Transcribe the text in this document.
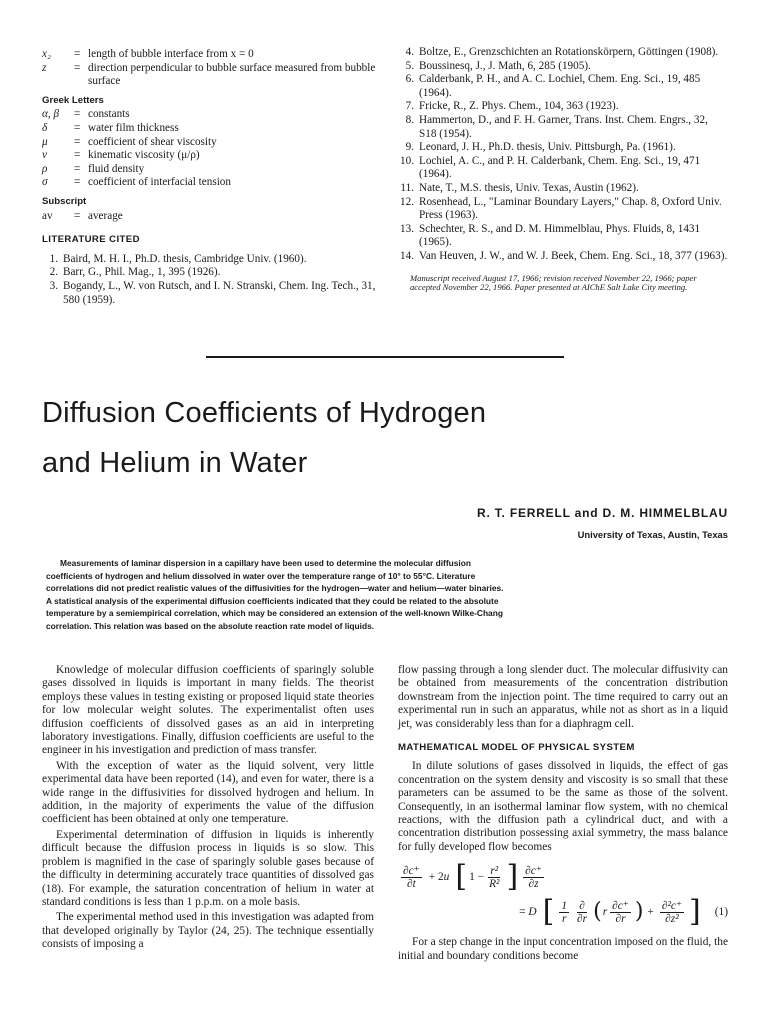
x₂	= length of bubble interface from x = 0
z	= direction perpendicular to bubble surface measured from bubble surface
Greek Letters
α, β	= constants
δ	= water film thickness
μ	= coefficient of shear viscosity
ν	= kinematic viscosity (μ/ρ)
ρ	= fluid density
σ	= coefficient of interfacial tension
Subscript
av	= average
LITERATURE CITED
1. Baird, M. H. I., Ph.D. thesis, Cambridge Univ. (1960).
2. Barr, G., Phil. Mag., 1, 395 (1926).
3. Bogandy, L., W. von Rutsch, and I. N. Stranski, Chem. Ing. Tech., 31, 580 (1959).
4. Boltze, E., Grenzschichten an Rotationskörpern, Göttingen (1908).
5. Boussinesq, J., J. Math, 6, 285 (1905).
6. Calderbank, P. H., and A. C. Lochiel, Chem. Eng. Sci., 19, 485 (1964).
7. Fricke, R., Z. Phys. Chem., 104, 363 (1923).
8. Hammerton, D., and F. H. Garner, Trans. Inst. Chem. Engrs., 32, S18 (1954).
9. Leonard, J. H., Ph.D. thesis, Univ. Pittsburgh, Pa. (1961).
10. Lochiel, A. C., and P. H. Calderbank, Chem. Eng. Sci., 19, 471 (1964).
11. Nate, T., M.S. thesis, Univ. Texas, Austin (1962).
12. Rosenhead, L., "Laminar Boundary Layers," Chap. 8, Oxford Univ. Press (1963).
13. Schechter, R. S., and D. M. Himmelblau, Phys. Fluids, 8, 1431 (1965).
14. Van Heuven, J. W., and W. J. Beek, Chem. Eng. Sci., 18, 377 (1963).
Manuscript received August 17, 1966; revision received November 22, 1966; paper accepted November 22, 1966. Paper presented at AIChE Salt Lake City meeting.
Diffusion Coefficients of Hydrogen
and Helium in Water
R. T. FERRELL and D. M. HIMMELBLAU
University of Texas, Austin, Texas
Measurements of laminar dispersion in a capillary have been used to determine the molecular diffusion coefficients of hydrogen and helium dissolved in water over the temperature range of 10° to 55°C. Literature correlations did not predict realistic values of the diffusivities for the hydrogen—water and helium—water binaries. A statistical analysis of the experimental diffusion coefficients indicated that they could be related to the absolute temperature by a semiempirical correlation, which may be considered an extension of the well-known Wilke-Chang correlation. This relation was based on the absolute reaction rate model of liquids.

Knowledge of molecular diffusion coefficients of sparingly soluble gases dissolved in liquids is important in many fields. The theorist employs these values in testing existing or proposed liquid state theories for low molecular weight solutes. The experimentalist often uses diffusion coefficients of dissolved gases as an aid in interpreting laboratory investigations. Finally, diffusion coefficients are useful to the engineer in his investigation and prediction of mass transfer.

With the exception of water as the liquid solvent, very little experimental data have been reported (14), and even for water, there is a wide range in the diffusivities for dissolved hydrogen and helium. In addition, in the majority of experiments the value of the diffusion coefficient has been obtained at only one temperature.

Experimental determination of diffusion in liquids is inherently difficult because the diffusion process in liquids is so slow. This problem is magnified in the case of sparingly soluble gases because of the difficulty in determining accurately trace quantities of dissolved gas (18). For example, the saturation concentration of helium in water at standard conditions is less than 1 p.p.m. on a mole basis.

The experimental method used in this investigation was adapted from that developed originally by Taylor (24, 25). The technique essentially consists of imposing a

flow passing through a long slender duct. The molecular diffusivity can be obtained from measurements of the concentration distribution downstream from the injection point. The time required to carry out an experimental run in such an apparatus, while not as short as in a liquid jet, was considerably less than for a diaphragm cell.

MATHEMATICAL MODEL OF PHYSICAL SYSTEM

In dilute solutions of gases dissolved in liquids, the effect of gas concentration on the system density and viscosity is so small that these parameters can be assumed to be the same as those of the solvent. Consequently, in an isothermal laminar flow system, with no chemical reactions, with the diffusion path a cylindrical duct, and with a concentration distribution possessing axial symmetry, the mass balance for fully developed flow becomes

$\frac{\partial c^+}{\partial t} + 2u$ [ $1 - \frac{\text{r²}}{\text{R²}}$ ] $\frac{\partial c^+}{\partial z}$
= D [ $\frac{1}{r} \frac{\partial}{\partial r}$ ( r $\frac{\partial c^+}{\partial r}$ ) + $\frac{\text{∂²c⁺}}{\text{∂z²}}$ ] (1)

For a step change in the input concentration imposed on the fluid, the initial and boundary conditions become
